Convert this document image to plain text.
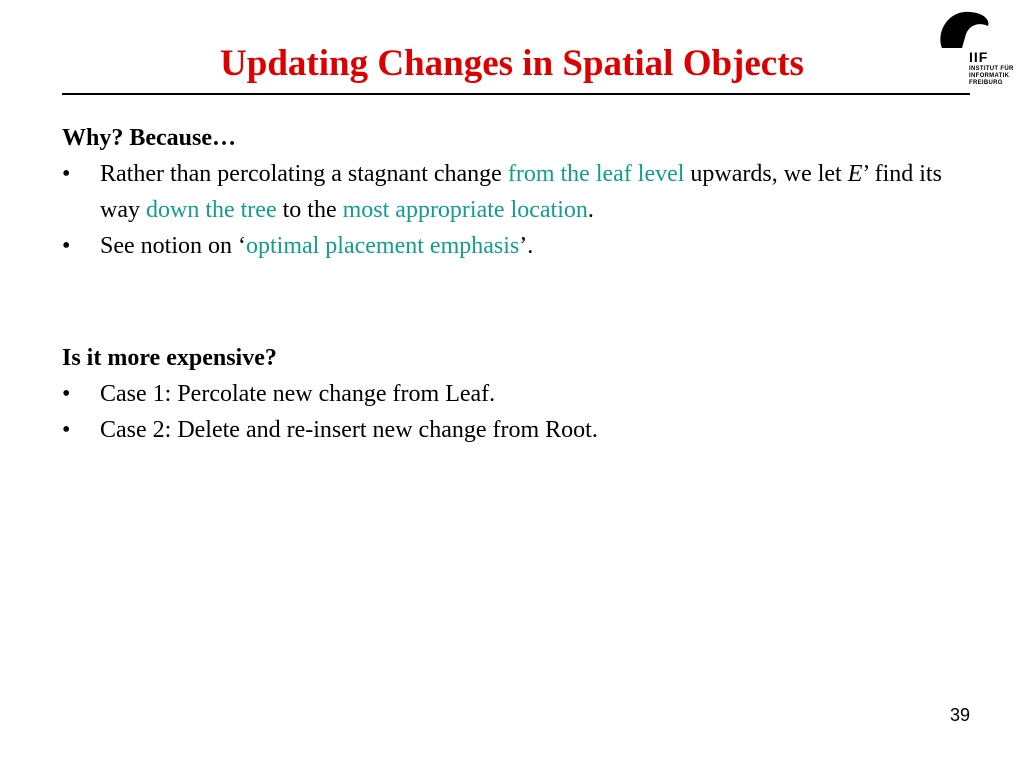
Updating Changes in Spatial Objects	IIF
INSTITUT FÜR
INFORMATIK
FREIBURG

Why? Because…

• Rather than percolating a stagnant change from the leaf level upwards, we let E’ find its way down the tree to the most appropriate location.
• See notion on ‘optimal placement emphasis’.

Is it more expensive?

• Case 1: Percolate new change from Leaf.
• Case 2: Delete and re-insert new change from Root.
39
